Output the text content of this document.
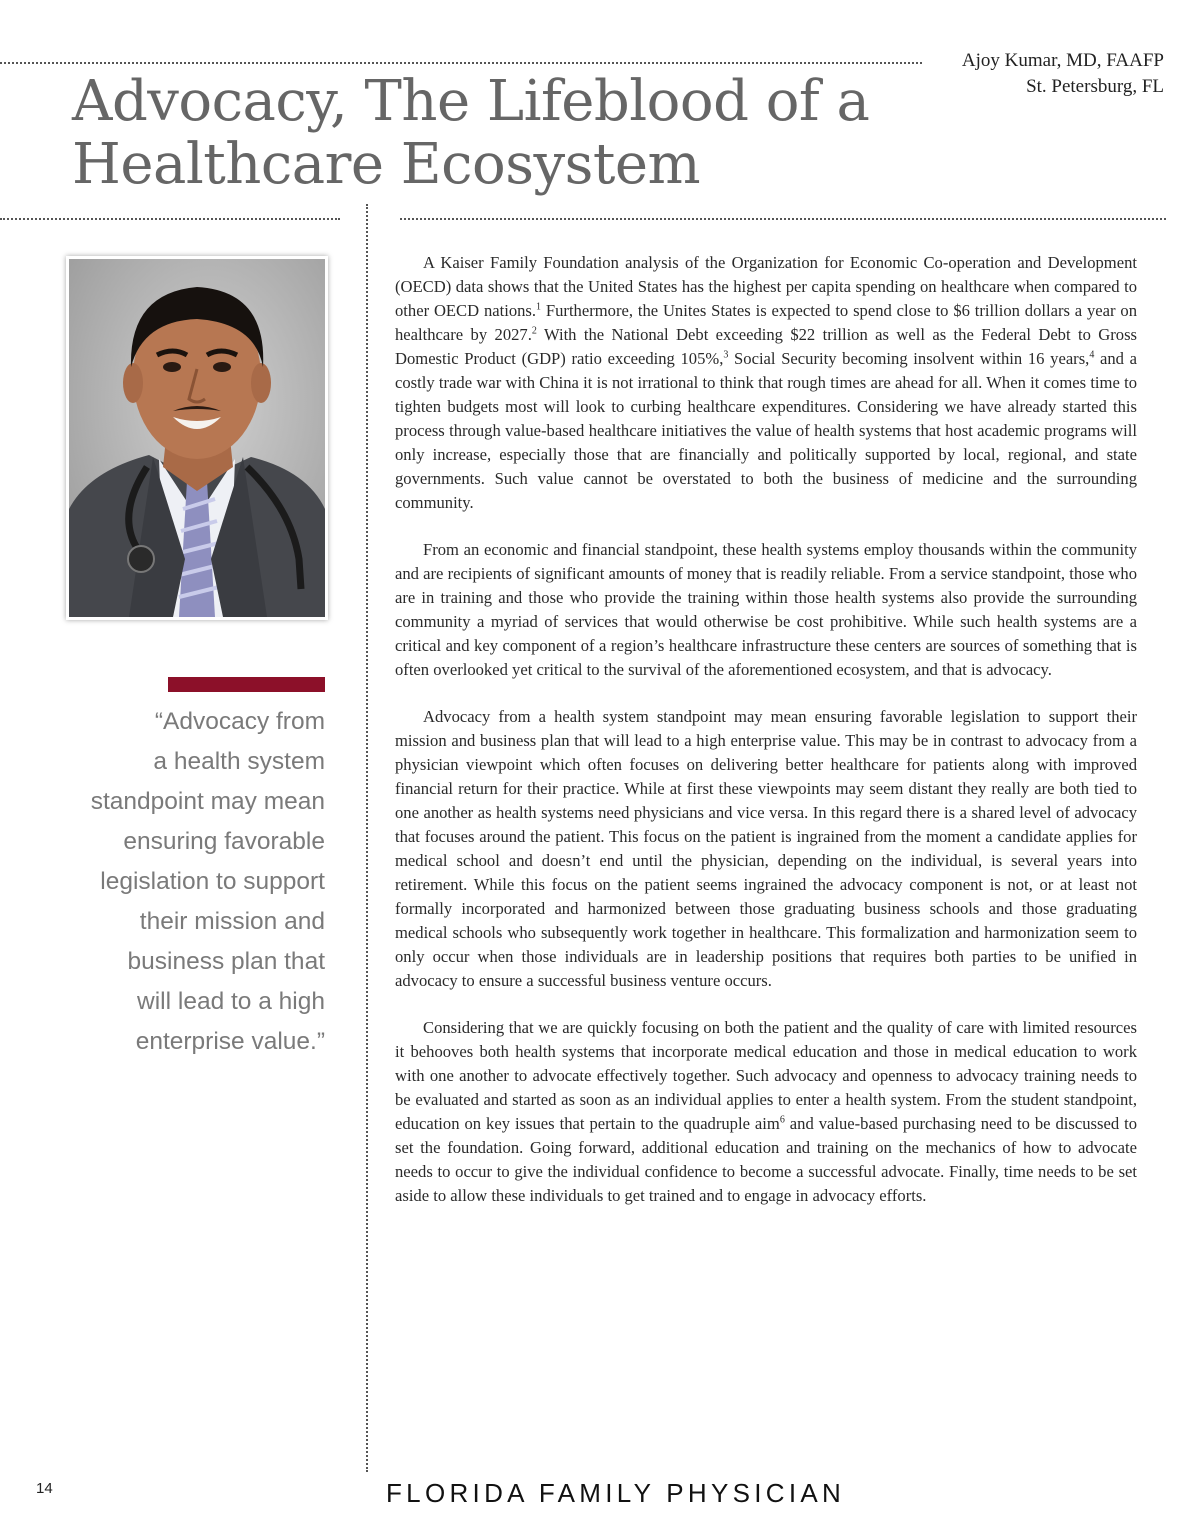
Ajoy Kumar, MD, FAAFP
St. Petersburg, FL
Advocacy, The Lifeblood of a
Healthcare Ecosystem
“Advocacy from
a health system
standpoint may mean
ensuring favorable
legislation to support
their mission and
business plan that
will lead to a high
enterprise value.”

A Kaiser Family Foundation analysis of the Organization for Economic Co-operation and Development (OECD) data shows that the United States has the highest per capita spending on healthcare when compared to other OECD nations.$^1$ Furthermore, the Unites States is expected to spend close to $6 trillion dollars a year on healthcare by 2027.$^2$ With the National Debt exceeding $22 trillion as well as the Federal Debt to Gross Domestic Product (GDP) ratio exceeding 105%,$^3$ Social Security becoming insolvent within 16 years,$^4$ and a costly trade war with China it is not irrational to think that rough times are ahead for all. When it comes time to tighten budgets most will look to curbing healthcare expenditures. Considering we have already started this process through value-based healthcare initiatives the value of health systems that host academic programs will only increase, especially those that are financially and politically supported by local, regional, and state governments. Such value cannot be overstated to both the business of medicine and the surrounding community.

From an economic and financial standpoint, these health systems employ thousands within the community and are recipients of significant amounts of money that is readily reliable. From a service standpoint, those who are in training and those who provide the training within those health systems also provide the surrounding community a myriad of services that would otherwise be cost prohibitive. While such health systems are a critical and key component of a region’s healthcare infrastructure these centers are sources of something that is often overlooked yet critical to the survival of the aforementioned ecosystem, and that is advocacy.

Advocacy from a health system standpoint may mean ensuring favorable legislation to support their mission and business plan that will lead to a high enterprise value. This may be in contrast to advocacy from a physician viewpoint which often focuses on delivering better healthcare for patients along with improved financial return for their practice. While at first these viewpoints may seem distant they really are both tied to one another as health systems need physicians and vice versa. In this regard there is a shared level of advocacy that focuses around the patient. This focus on the patient is ingrained from the moment a candidate applies for medical school and doesn’t end until the physician, depending on the individual, is several years into retirement. While this focus on the patient seems ingrained the advocacy component is not, or at least not formally incorporated and harmonized between those graduating business schools and those graduating medical schools who subsequently work together in healthcare. This formalization and harmonization seem to only occur when those individuals are in leadership positions that requires both parties to be unified in advocacy to ensure a successful business venture occurs.

Considering that we are quickly focusing on both the patient and the quality of care with limited resources it behooves both health systems that incorporate medical education and those in medical education to work with one another to advocate effectively together. Such advocacy and openness to advocacy training needs to be evaluated and started as soon as an individual applies to enter a health system. From the student standpoint, education on key issues that pertain to the quadruple aim$^6$ and value-based purchasing need to be discussed to set the foundation. Going forward, additional education and training on the mechanics of how to advocate needs to occur to give the individual confidence to become a successful advocate. Finally, time needs to be set aside to allow these individuals to get trained and to engage in advocacy efforts.

14	FLORIDA FAMILY PHYSICIAN
